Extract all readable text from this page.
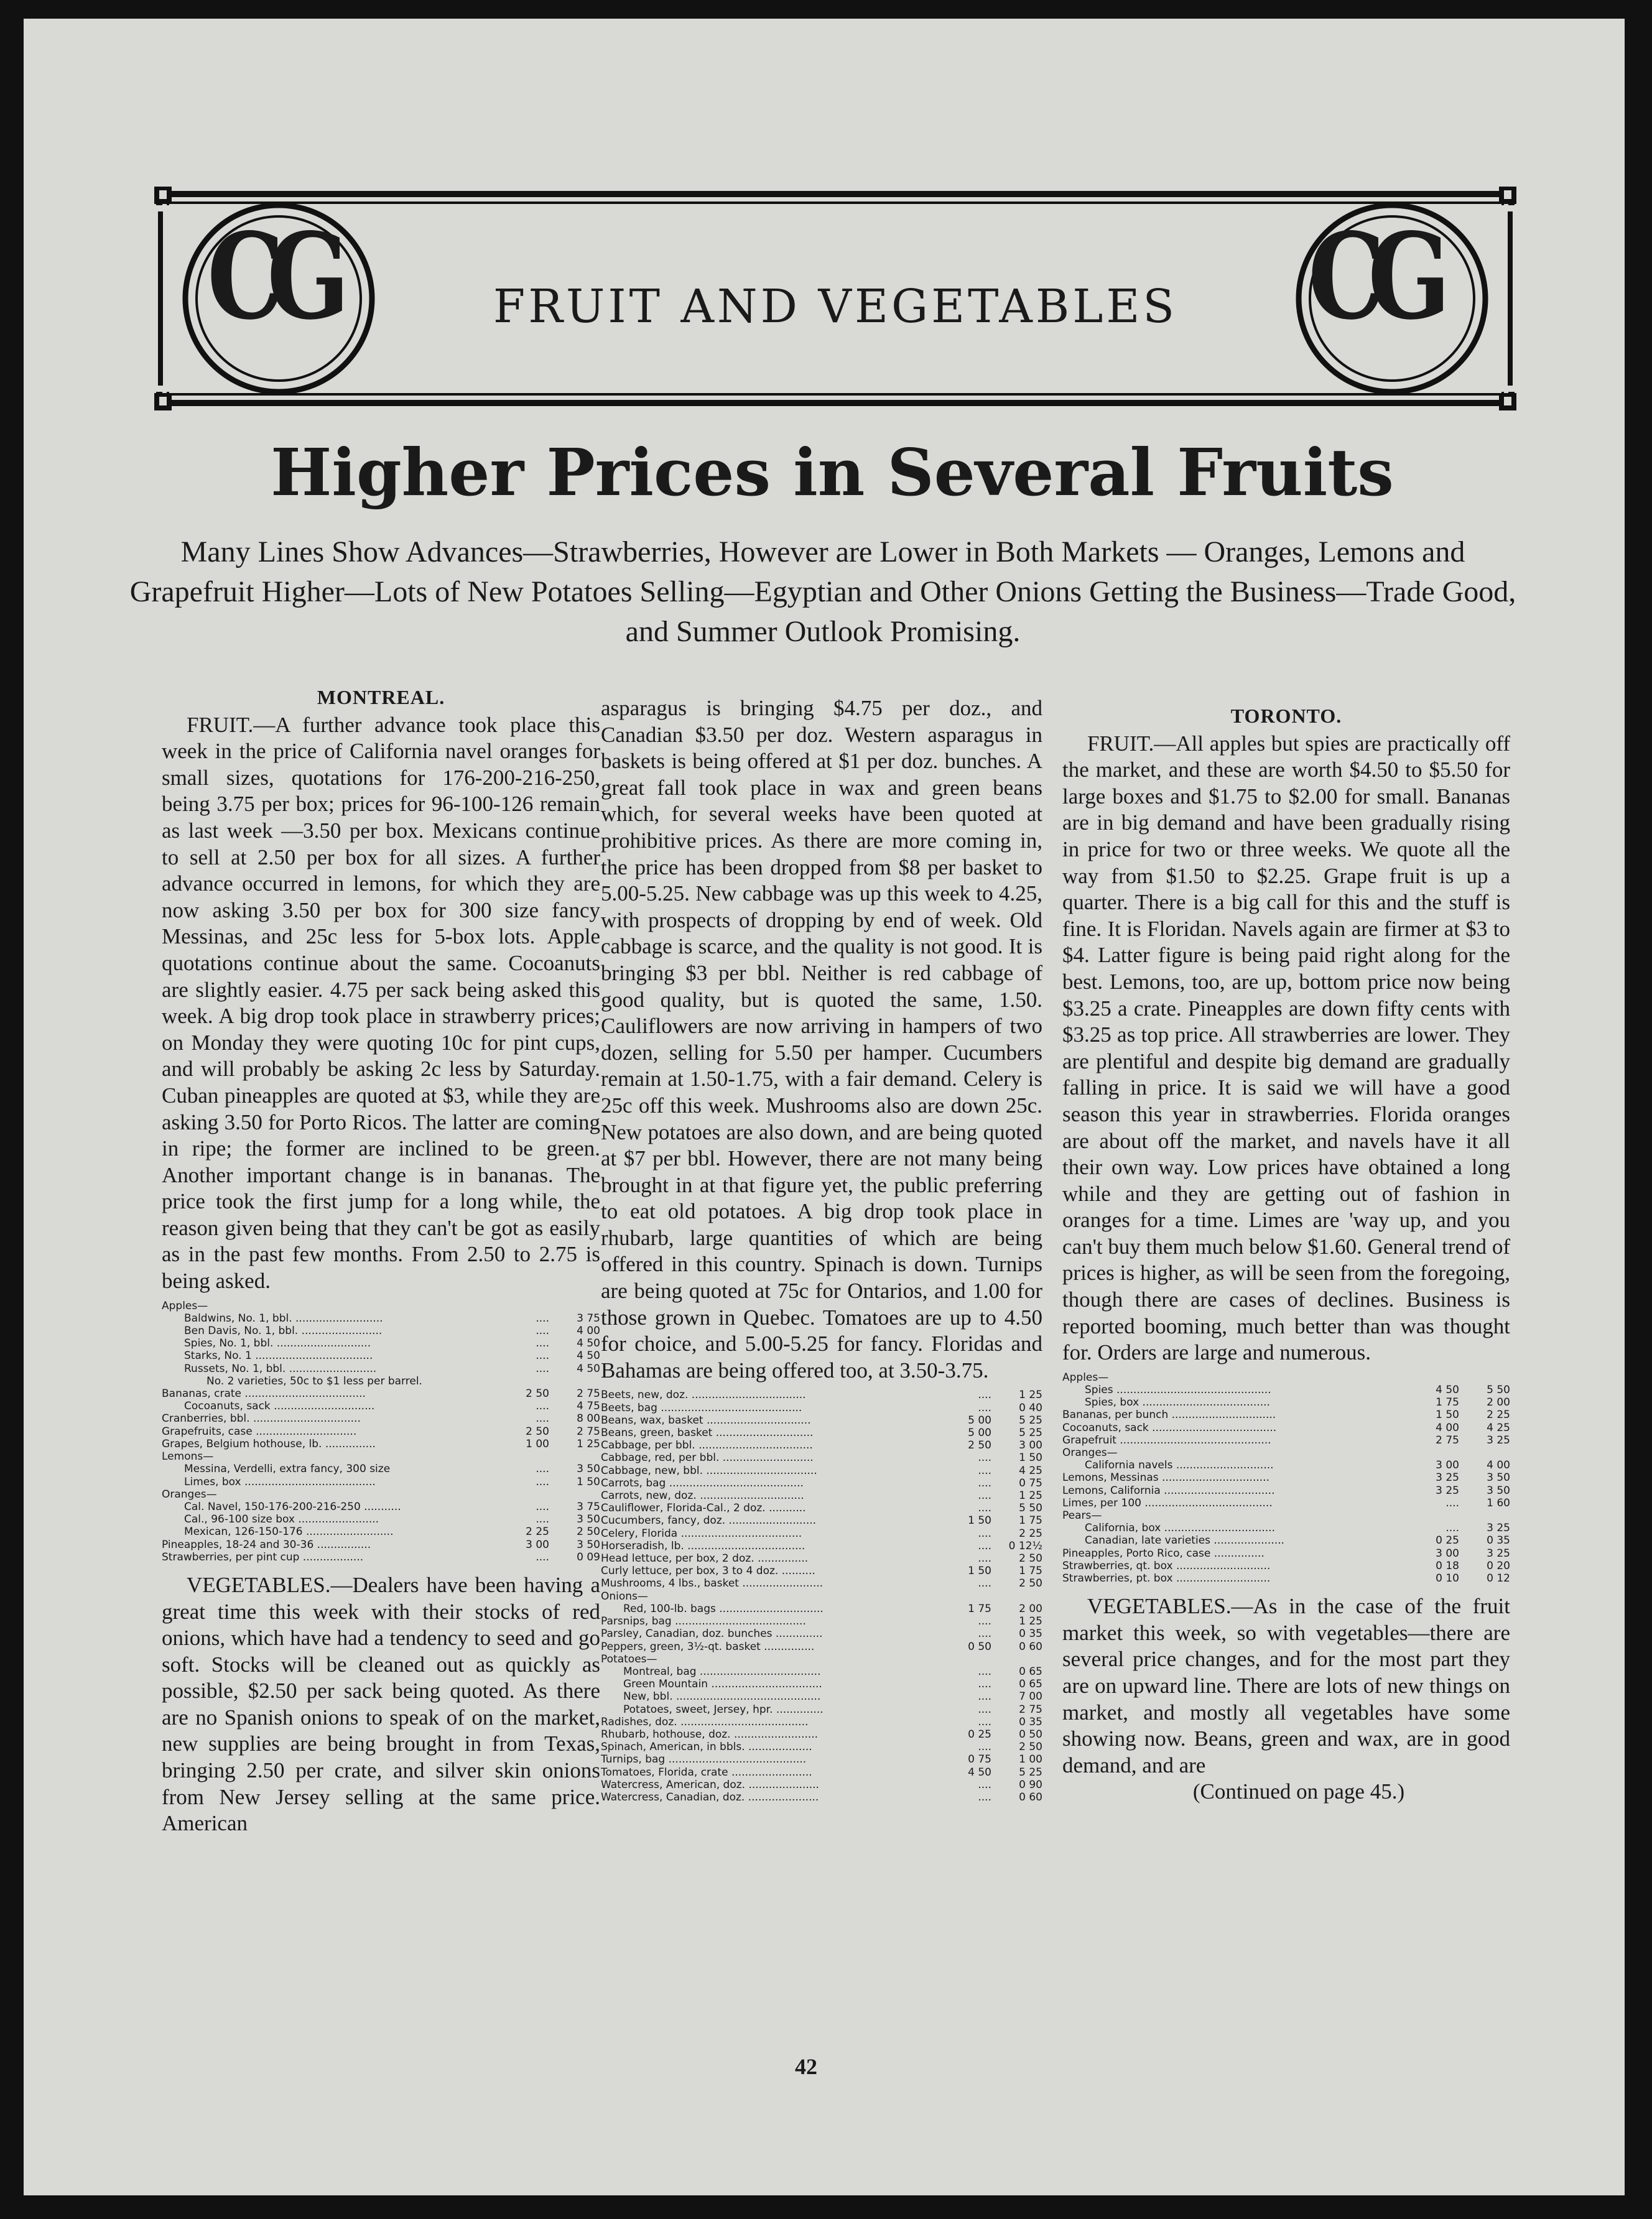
CG	FRUIT AND VEGETABLES	CG
Higher Prices in Several Fruits
Many Lines Show Advances—Strawberries, However are Lower in Both Markets — Oranges, Lemons and Grapefruit Higher—Lots of New Potatoes Selling—Egyptian and Other Onions Getting the Business—Trade Good, and Summer Outlook Promising.
MONTREAL.

FRUIT.—A further advance took place this week in the price of California navel oranges for small sizes, quotations for 176-200-216-250, being 3.75 per box; prices for 96-100-126 remain as last week —3.50 per box. Mexicans continue to sell at 2.50 per box for all sizes. A further advance occurred in lemons, for which they are now asking 3.50 per box for 300 size fancy Messinas, and 25c less for 5-box lots. Apple quotations continue about the same. Cocoanuts are slightly easier. 4.75 per sack being asked this week. A big drop took place in strawberry prices; on Monday they were quoting 10c for pint cups, and will probably be asking 2c less by Saturday. Cuban pineapples are quoted at $3, while they are asking 3.50 for Porto Ricos. The latter are coming in ripe; the former are inclined to be green. Another important change is in bananas. The price took the first jump for a long while, the reason given being that they can't be got as easily as in the past few months. From 2.50 to 2.75 is being asked.

Apples—		
Baldwins, No. 1, bbl. ..........................	....	3 75
Ben Davis, No. 1, bbl. ........................	....	4 00
Spies, No. 1, bbl. ............................	....	4 50
Starks, No. 1 ...................................	....	4 50
Russets, No. 1, bbl. ..........................	....	4 50
No. 2 varieties, 50c to $1 less per barrel.		
Bananas, crate ....................................	2 50	2 75
Cocoanuts, sack ..............................	....	4 75
Cranberries, bbl. ................................	....	8 00
Grapefruits, case ..............................	2 50	2 75
Grapes, Belgium hothouse, lb. ...............	1 00	1 25
Lemons—		
Messina, Verdelli, extra fancy, 300 size	....	3 50
Limes, box .......................................	....	1 50
Oranges—		
Cal. Navel, 150-176-200-216-250 ...........	....	3 75
Cal., 96-100 size box ........................	....	3 50
Mexican, 126-150-176 ..........................	2 25	2 50
Pineapples, 18-24 and 30-36 ................	3 00	3 50
Strawberries, per pint cup ..................	....	0 09

VEGETABLES.—Dealers have been having a great time this week with their stocks of red onions, which have had a tendency to seed and go soft. Stocks will be cleaned out as quickly as possible, $2.50 per sack being quoted. As there are no Spanish onions to speak of on the market, new supplies are being brought in from Texas, bringing 2.50 per crate, and silver skin onions from New Jersey selling at the same price. American

asparagus is bringing $4.75 per doz., and Canadian $3.50 per doz. Western asparagus in baskets is being offered at $1 per doz. bunches. A great fall took place in wax and green beans which, for several weeks have been quoted at prohibitive prices. As there are more coming in, the price has been dropped from $8 per basket to 5.00-5.25. New cabbage was up this week to 4.25, with prospects of dropping by end of week. Old cabbage is scarce, and the quality is not good. It is bringing $3 per bbl. Neither is red cabbage of good quality, but is quoted the same, 1.50. Cauliflowers are now arriving in hampers of two dozen, selling for 5.50 per hamper. Cucumbers remain at 1.50-1.75, with a fair demand. Celery is 25c off this week. Mushrooms also are down 25c. New potatoes are also down, and are being quoted at $7 per bbl. However, there are not many being brought in at that figure yet, the public preferring to eat old potatoes. A big drop took place in rhubarb, large quantities of which are being offered in this country. Spinach is down. Turnips are being quoted at 75c for Ontarios, and 1.00 for those grown in Quebec. Tomatoes are up to 4.50 for choice, and 5.00-5.25 for fancy. Floridas and Bahamas are being offered too, at 3.50-3.75.

Beets, new, doz. ..................................	....	1 25
Beets, bag ..........................................	....	0 40
Beans, wax, basket ...............................	5 00	5 25
Beans, green, basket .............................	5 00	5 25
Cabbage, per bbl. ..................................	2 50	3 00
Cabbage, red, per bbl. ...........................	....	1 50
Cabbage, new, bbl. .................................	....	4 25
Carrots, bag ........................................	....	0 75
Carrots, new, doz. ...............................	....	1 25
Cauliflower, Florida-Cal., 2 doz. ...........	....	5 50
Cucumbers, fancy, doz. ..........................	1 50	1 75
Celery, Florida ....................................	....	2 25
Horseradish, lb. ...................................	....	0 12½
Head lettuce, per box, 2 doz. ...............	....	2 50
Curly lettuce, per box, 3 to 4 doz. ..........	1 50	1 75
Mushrooms, 4 lbs., basket ........................	....	2 50
Onions—		
Red, 100-lb. bags ...............................	1 75	2 00
Parsnips, bag .......................................	....	1 25
Parsley, Canadian, doz. bunches ..............	....	0 35
Peppers, green, 3½-qt. basket ...............	0 50	0 60
Potatoes—		
Montreal, bag ....................................	....	0 65
Green Mountain .................................	....	0 65
New, bbl. ...........................................	....	7 00
Potatoes, sweet, Jersey, hpr. ..............	....	2 75
Radishes, doz. ......................................	....	0 35
Rhubarb, hothouse, doz. .........................	0 25	0 50
Spinach, American, in bbls. ...................	....	2 50
Turnips, bag .........................................	0 75	1 00
Tomatoes, Florida, crate ........................	4 50	5 25
Watercress, American, doz. .....................	....	0 90
Watercress, Canadian, doz. .....................	....	0 60
TORONTO.

FRUIT.—All apples but spies are practically off the market, and these are worth $4.50 to $5.50 for large boxes and $1.75 to $2.00 for small. Bananas are in big demand and have been gradually rising in price for two or three weeks. We quote all the way from $1.50 to $2.25. Grape fruit is up a quarter. There is a big call for this and the stuff is fine. It is Floridan. Navels again are firmer at $3 to $4. Latter figure is being paid right along for the best. Lemons, too, are up, bottom price now being $3.25 a crate. Pineapples are down fifty cents with $3.25 as top price. All strawberries are lower. They are plentiful and despite big demand are gradually falling in price. It is said we will have a good season this year in strawberries. Florida oranges are about off the market, and navels have it all their own way. Low prices have obtained a long while and they are getting out of fashion in oranges for a time. Limes are 'way up, and you can't buy them much below $1.60. General trend of prices is higher, as will be seen from the foregoing, though there are cases of declines. Business is reported booming, much better than was thought for. Orders are large and numerous.

Apples—		
Spies ..............................................	4 50	5 50
Spies, box ......................................	1 75	2 00
Bananas, per bunch ...............................	1 50	2 25
Cocoanuts, sack .....................................	4 00	4 25
Grapefruit .............................................	2 75	3 25
Oranges—		
California navels .............................	3 00	4 00
Lemons, Messinas ................................	3 25	3 50
Lemons, California .................................	3 25	3 50
Limes, per 100 ......................................	....	1 60
Pears—		
California, box .................................	....	3 25
Canadian, late varieties .....................	0 25	0 35
Pineapples, Porto Rico, case ...............	3 00	3 25
Strawberries, qt. box ............................	0 18	0 20
Strawberries, pt. box ............................	0 10	0 12

VEGETABLES.—As in the case of the fruit market this week, so with vegetables—there are several price changes, and for the most part they are on upward line. There are lots of new things on market, and mostly all vegetables have some showing now. Beans, green and wax, are in good demand, and are

(Continued on page 45.)

42
